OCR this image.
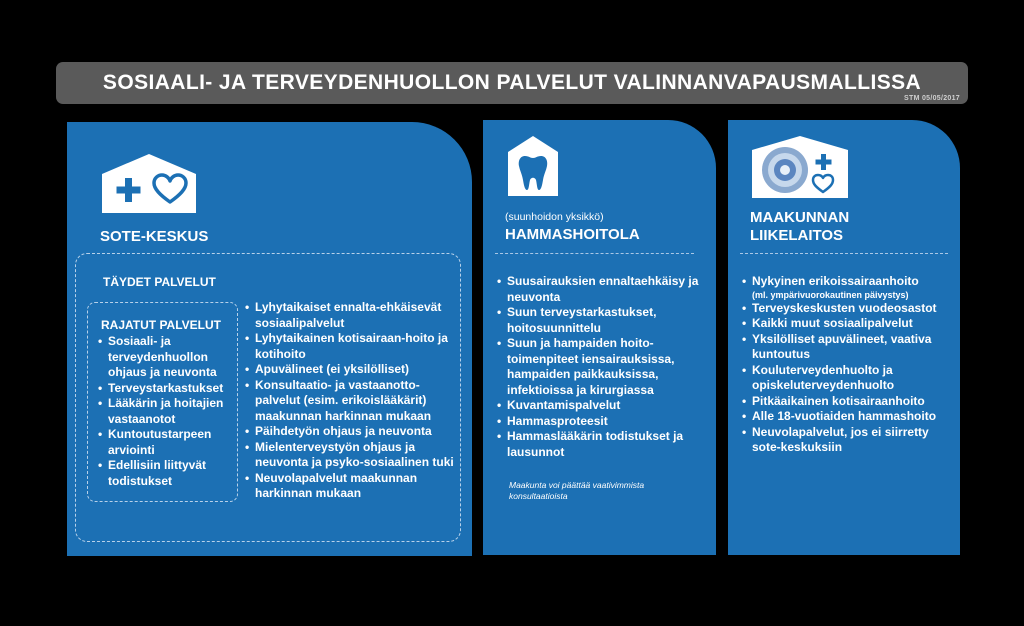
SOSIAALI- JA TERVEYDENHUOLLON PALVELUT VALINNANVAPAUSMALLISSA
STM 05/05/2017
SOTE-KESKUS
TÄYDET PALVELUT
RAJATUT PALVELUT
• Sosiaali- ja terveydenhuollon ohjaus ja neuvonta
• Terveystarkastukset
• Lääkärin ja hoitajien vastaanotot
• Kuntoutustarpeen arviointi
• Edellisiin liittyvät todistukset
• Lyhytaikaiset ennalta-ehkäisevät sosiaalipalvelut
• Lyhytaikainen kotisairaan-hoito ja kotihoito
• Apuvälineet (ei yksilölliset)
• Konsultaatio- ja vastaanotto-palvelut (esim. erikoislääkärit) maakunnan harkinnan mukaan
• Päihdetyön ohjaus ja neuvonta
• Mielenterveystyön ohjaus ja neuvonta ja psyko-sosiaalinen tuki
• Neuvolapalvelut maakunnan harkinnan mukaan
(suunhoidon yksikkö)
HAMMASHOITOLA
• Suusairauksien ennaltaehkäisy ja neuvonta
• Suun terveystarkastukset, hoitosuunnittelu
• Suun ja hampaiden hoito-toimenpiteet iensairauksissa, hampaiden paikkauksissa, infektioissa ja kirurgiassa
• Kuvantamispalvelut
• Hammasproteesit
• Hammaslääkärin todistukset ja lausunnot
Maakunta voi päättää vaativimmista konsultaatioista
MAAKUNNAN
LIIKELAITOS
• Nykyinen erikoissairaanhoito
(ml. ympärivuorokautinen päivystys)
• Terveyskeskusten vuodeosastot
• Kaikki muut sosiaalipalvelut
• Yksilölliset apuvälineet, vaativa kuntoutus
• Kouluterveydenhuolto ja opiskeluterveydenhuolto
• Pitkäaikainen kotisairaanhoito
• Alle 18-vuotiaiden hammashoito
• Neuvolapalvelut, jos ei siirretty sote-keskuksiin
